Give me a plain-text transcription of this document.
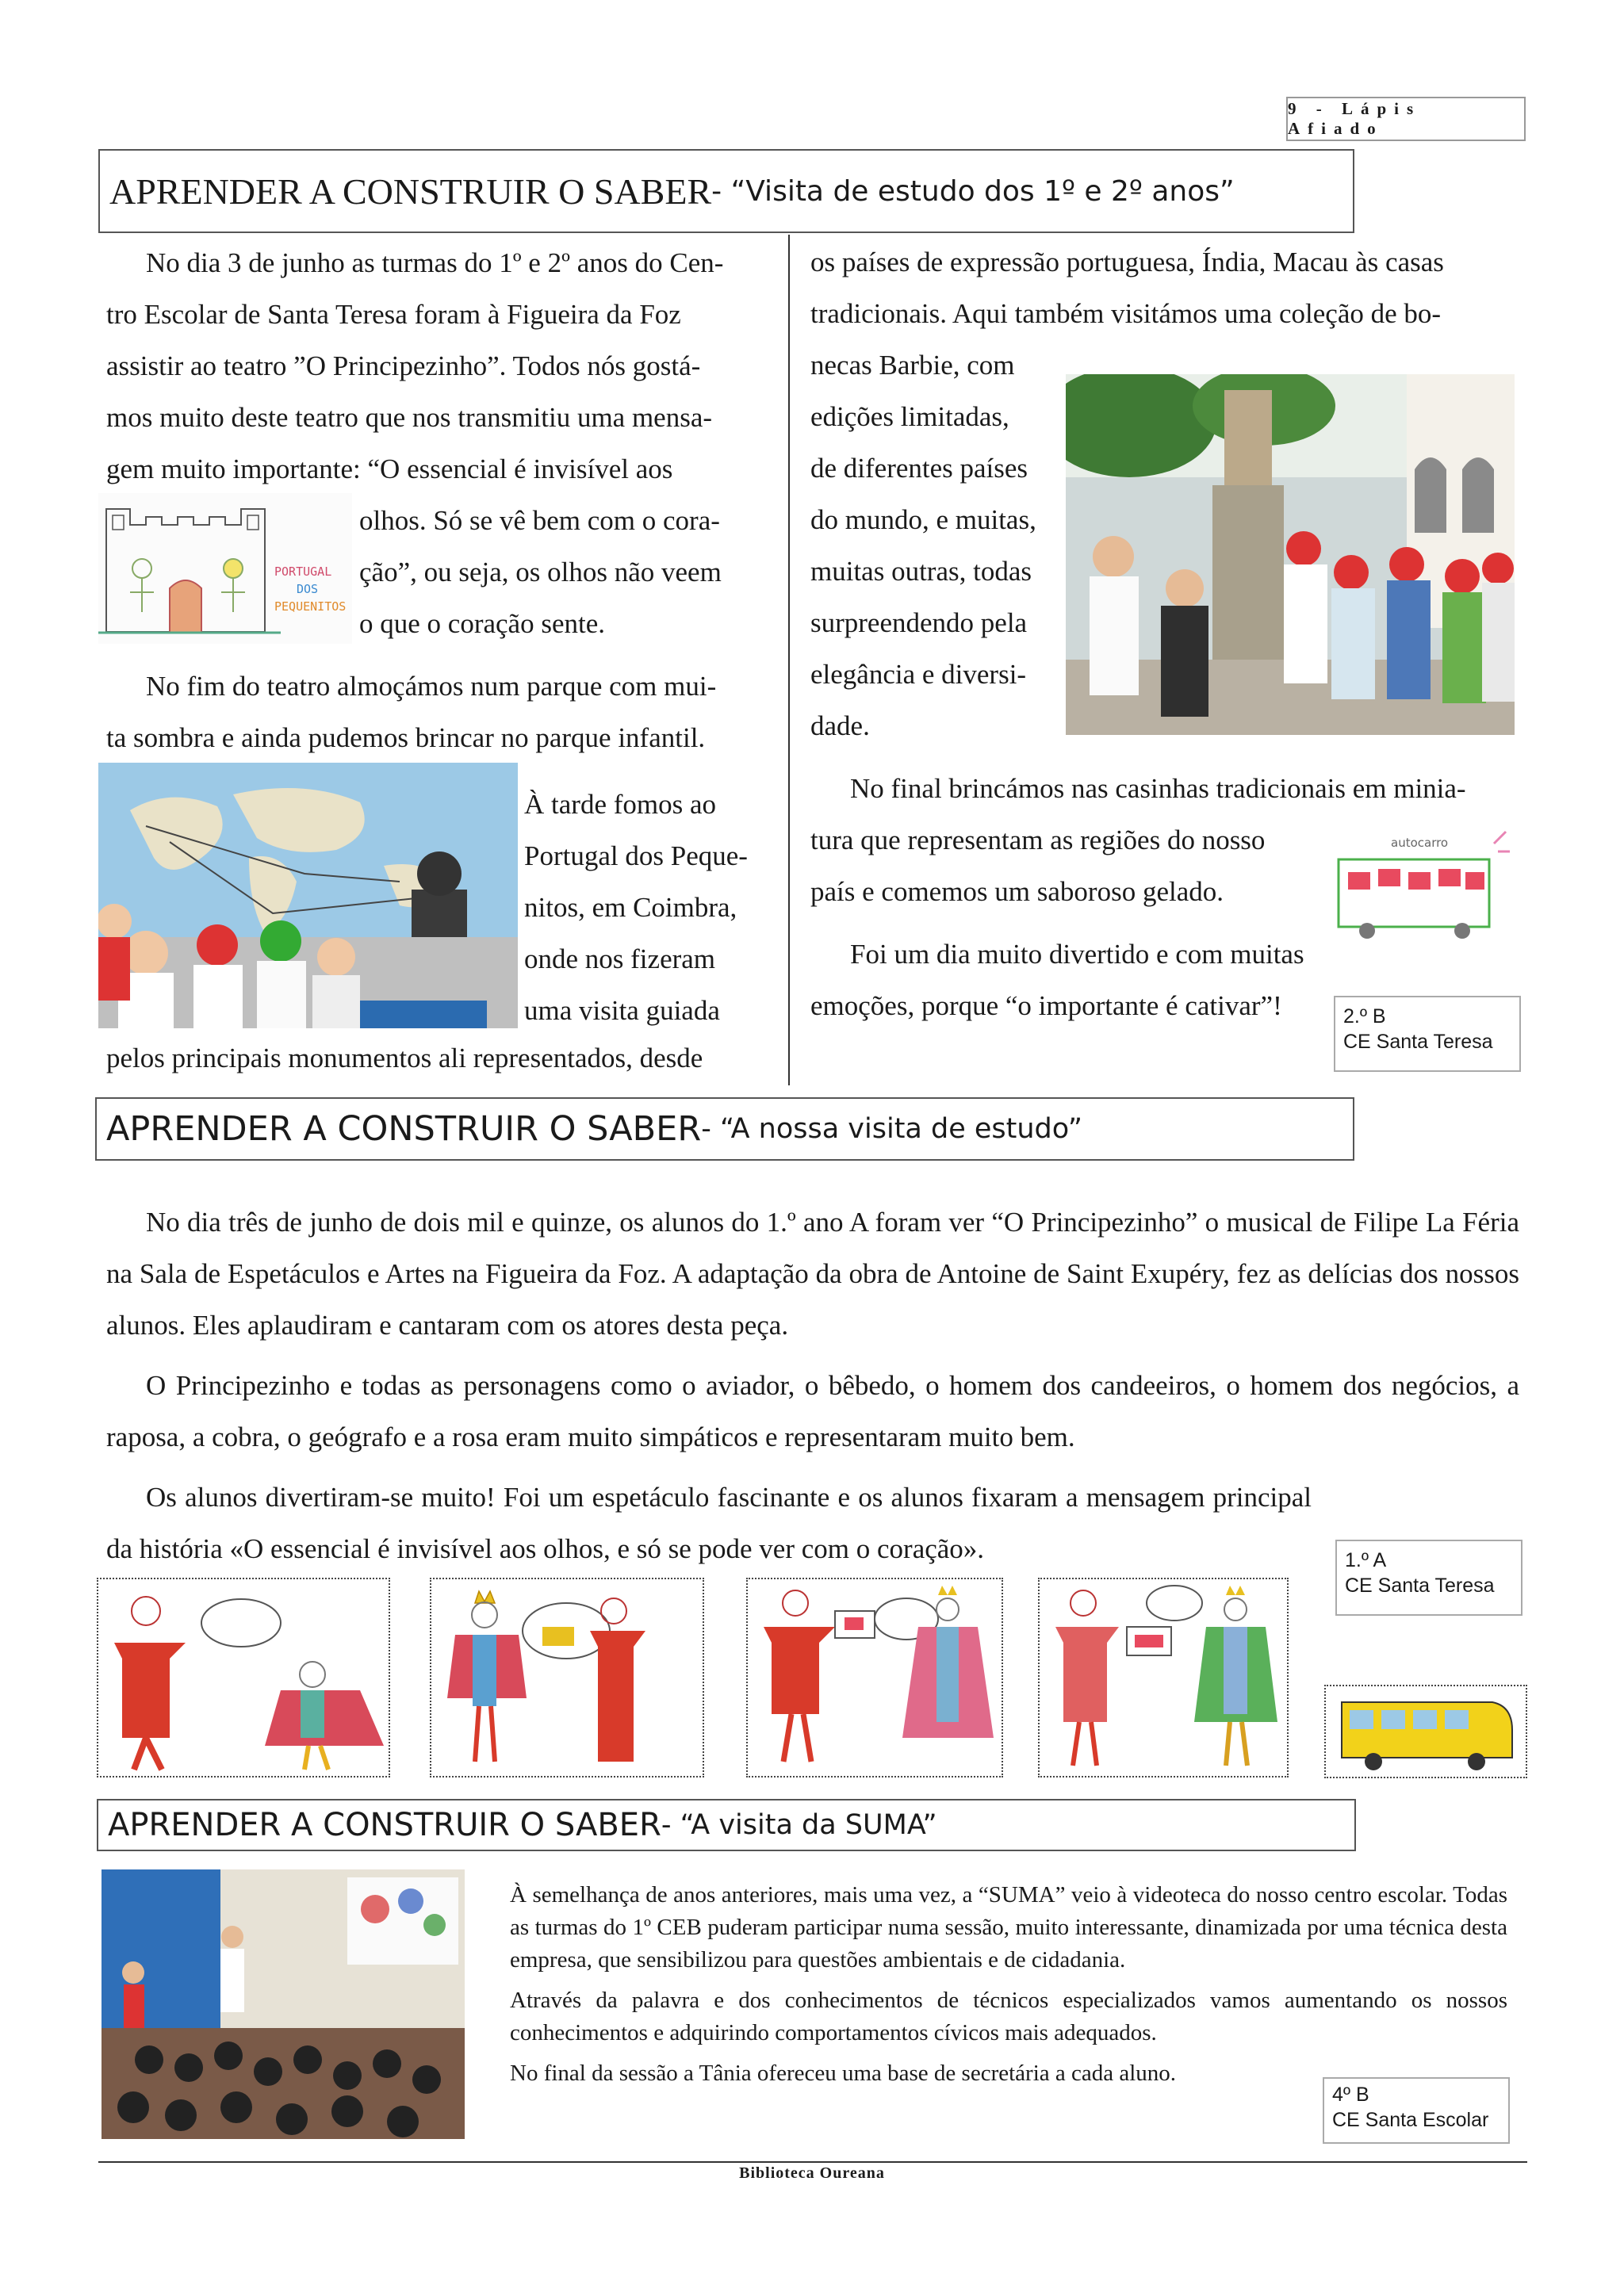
9 - Lápis Afiado
APRENDER A CONSTRUIR O SABER - “Visita de estudo dos 1º e 2º anos”
No dia 3 de junho as turmas do 1º e 2º anos do Cen-
tro Escolar de Santa Teresa foram à Figueira da Foz
assistir ao teatro ”O Principezinho”. Todos nós gostá-
mos muito deste teatro que nos transmitiu uma mensa-
gem muito importante: “O essencial é invisível aos
PORTUGAL
DOS
PEQUENITOS
olhos. Só se vê bem com o cora-
ção”, ou seja, os olhos não veem
o que o coração sente.
No fim do teatro almoçámos num parque com mui-
ta sombra e ainda pudemos brincar no parque infantil.
À tarde fomos ao
Portugal dos Peque-
nitos, em Coimbra,
onde nos fizeram
uma visita guiada
pelos principais monumentos ali representados, desde
os países de expressão portuguesa, Índia, Macau às casas
tradicionais. Aqui também visitámos uma coleção de bo-
necas Barbie, com
edições limitadas,
de diferentes países
do mundo, e muitas,
muitas outras, todas
surpreendendo pela
elegância e diversi-
dade.
No final brincámos nas casinhas tradicionais em minia-
tura que representam as regiões do nosso
país e comemos um saboroso gelado.
autocarro
Foi um dia muito divertido e com muitas
emoções, porque “o importante é cativar”!	2.º B
CE Santa Teresa
APRENDER A CONSTRUIR O SABER - “A nossa visita de estudo”

No dia três de junho de dois mil e quinze, os alunos do 1.º ano A foram ver “O Principezinho” o musical de Filipe La Féria na Sala de Espetáculos e Artes na Figueira da Foz. A adaptação da obra de Antoine de Saint Exupéry, fez as delícias dos nossos alunos. Eles aplaudiram e cantaram com os atores desta peça.

O Principezinho e todas as personagens como o aviador, o bêbedo, o homem dos candeeiros, o homem dos negócios, a raposa, a cobra, o geógrafo e a rosa eram muito simpáticos e representaram muito bem.

Os alunos divertiram-se muito! Foi um espetáculo fascinante e os alunos fixaram a mensagem principal da história «O essencial é invisível aos olhos, e só se pode ver com o coração».	1.º A
CE Santa Teresa
APRENDER A CONSTRUIR O SABER - “A visita da SUMA”

À semelhança de anos anteriores, mais uma vez, a “SUMA” veio à videoteca do nosso centro escolar. Todas as turmas do 1º CEB puderam participar numa sessão, muito interessante, dinamizada por uma técnica desta empresa, que sensibilizou para questões ambientais e de cidadania.

Através da palavra e dos conhecimentos de técnicos especializados vamos aumentando os nossos conhecimentos e adquirindo comportamentos cívicos mais adequados.

No final da sessão a Tânia ofereceu uma base de secretária a cada aluno.

4º B
CE Santa Escolar
Biblioteca Oureana
